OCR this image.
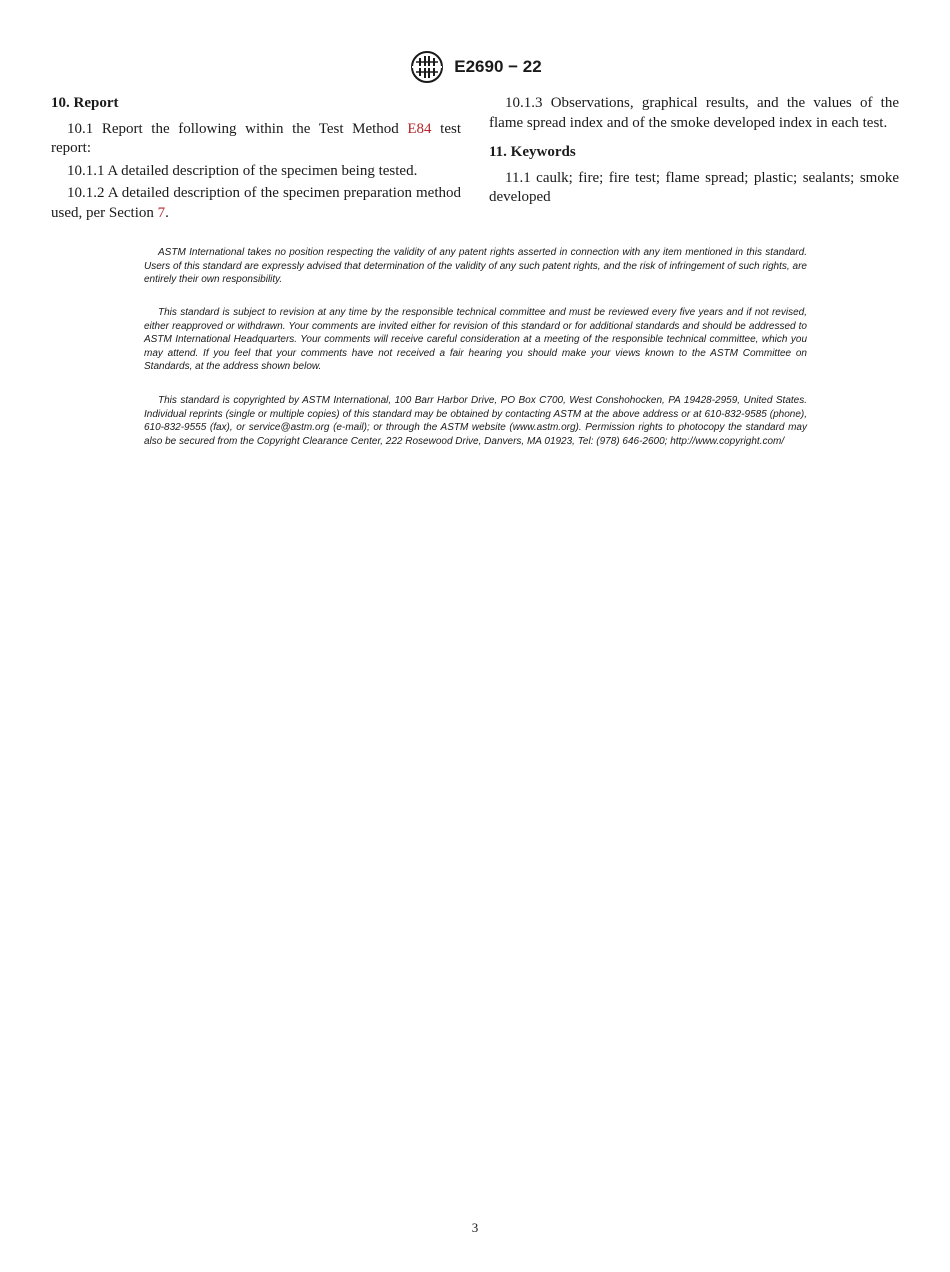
E2690 − 22
10. Report

10.1 Report the following within the Test Method E84 test report:

10.1.1 A detailed description of the specimen being tested.

10.1.2 A detailed description of the specimen preparation method used, per Section 7.

10.1.3 Observations, graphical results, and the values of the flame spread index and of the smoke developed index in each test.

11. Keywords

11.1 caulk; fire; fire test; flame spread; plastic; sealants; smoke developed

ASTM International takes no position respecting the validity of any patent rights asserted in connection with any item mentioned in this standard. Users of this standard are expressly advised that determination of the validity of any such patent rights, and the risk of infringement of such rights, are entirely their own responsibility.

This standard is subject to revision at any time by the responsible technical committee and must be reviewed every five years and if not revised, either reapproved or withdrawn. Your comments are invited either for revision of this standard or for additional standards and should be addressed to ASTM International Headquarters. Your comments will receive careful consideration at a meeting of the responsible technical committee, which you may attend. If you feel that your comments have not received a fair hearing you should make your views known to the ASTM Committee on Standards, at the address shown below.

This standard is copyrighted by ASTM International, 100 Barr Harbor Drive, PO Box C700, West Conshohocken, PA 19428-2959, United States. Individual reprints (single or multiple copies) of this standard may be obtained by contacting ASTM at the above address or at 610-832-9585 (phone), 610-832-9555 (fax), or service@astm.org (e-mail); or through the ASTM website (www.astm.org). Permission rights to photocopy the standard may also be secured from the Copyright Clearance Center, 222 Rosewood Drive, Danvers, MA 01923, Tel: (978) 646-2600; http://www.copyright.com/

3
